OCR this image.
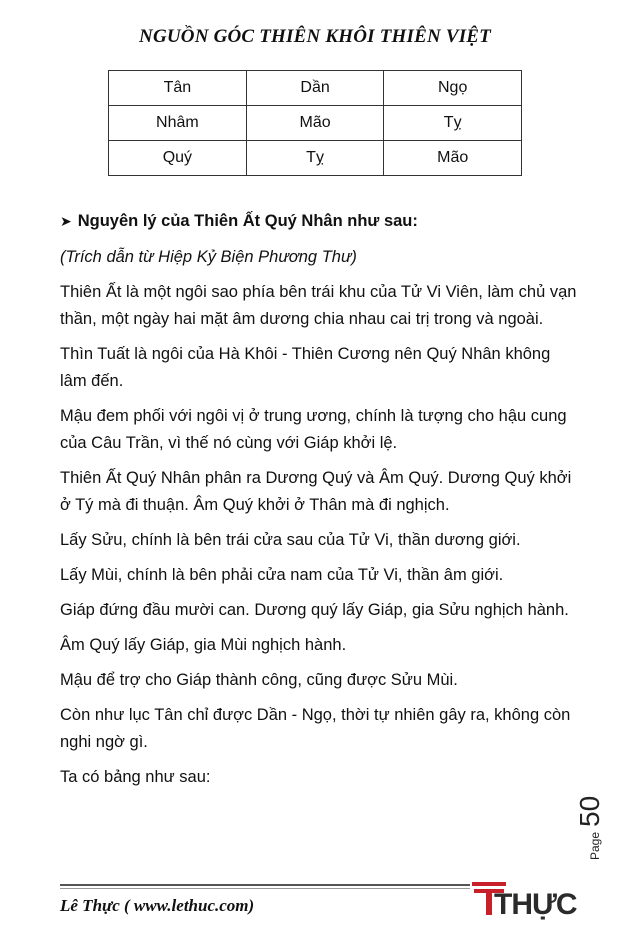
NGUỒN GÓC THIÊN KHÔI THIÊN VIỆT
Tân	Dần	Ngọ
Nhâm	Mão	Tỵ
Quý	Tỵ	Mão

➤ Nguyên lý của Thiên Ất Quý Nhân như sau:

(Trích dẫn từ Hiệp Kỷ Biện Phương Thư)

Thiên Ất là một ngôi sao phía bên trái khu của Tử Vi Viên, làm chủ vạn thần, một ngày hai mặt âm dương chia nhau cai trị trong và ngoài.

Thìn Tuất là ngôi của Hà Khôi - Thiên Cương nên Quý Nhân không lâm đến.

Mậu đem phối với ngôi vị ở trung ương, chính là tượng cho hậu cung của Câu Trần, vì thế nó cùng với Giáp khởi lệ.

Thiên Ất Quý Nhân phân ra Dương Quý và Âm Quý. Dương Quý khởi ở Tý mà đi thuận. Âm Quý khởi ở Thân mà đi nghịch.

Lấy Sửu, chính là bên trái cửa sau của Tử Vi, thần dương giới.

Lấy Mùi, chính là bên phải cửa nam của Tử Vi, thần âm giới.

Giáp đứng đầu mười can. Dương quý lấy Giáp, gia Sửu nghịch hành.

Âm Quý lấy Giáp, gia Mùi nghịch hành.

Mậu để trợ cho Giáp thành công, cũng được Sửu Mùi.

Còn như lục Tân chỉ được Dần - Ngọ, thời tự nhiên gây ra, không còn nghi ngờ gì.

Ta có bảng như sau:

Page
50
Lê Thực ( www.lethuc.com)	THỰC
